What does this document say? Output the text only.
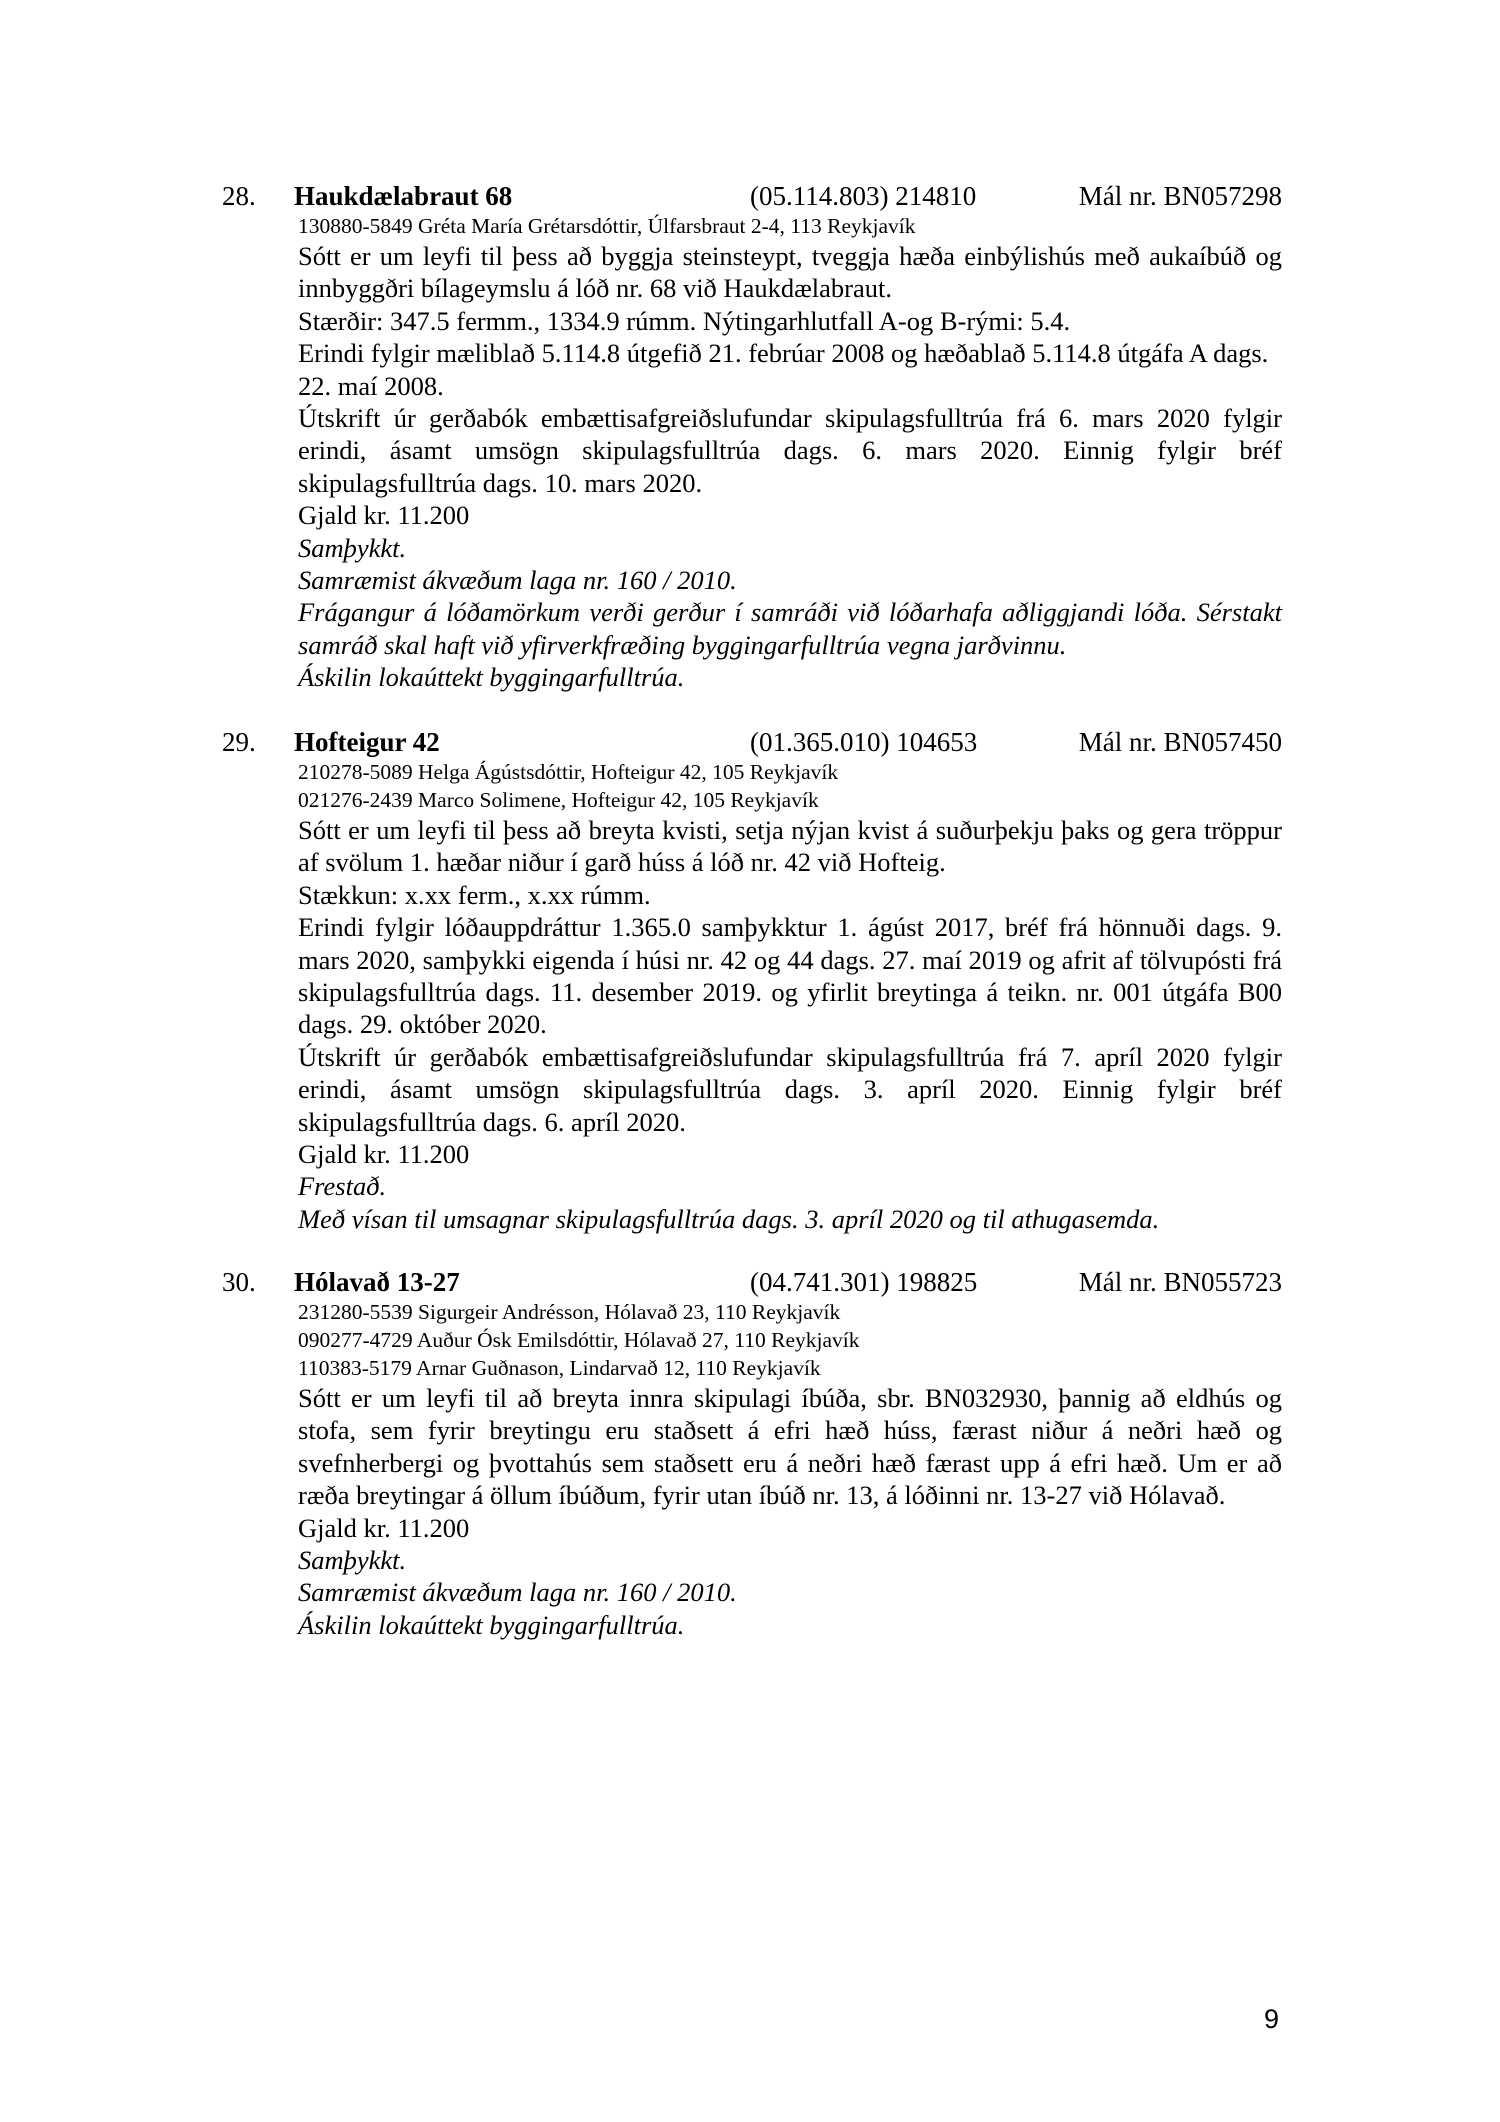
28. Haukdælabraut 68	(05.114.803) 214810	Mál nr. BN057298
130880-5849 Gréta María Grétarsdóttir, Úlfarsbraut 2-4, 113 Reykjavík
Sótt er um leyfi til þess að byggja steinsteypt, tveggja hæða einbýlishús með aukaíbúð og innbyggðri bílageymslu á lóð nr. 68 við Haukdælabraut.
Stærðir: 347.5 fermm., 1334.9 rúmm. Nýtingarhlutfall A-og B-rými: 5.4.
Erindi fylgir mæliblað 5.114.8 útgefið 21. febrúar 2008 og hæðablað 5.114.8 útgáfa A dags. 22. maí 2008.
Útskrift úr gerðabók embættisafgreiðslufundar skipulagsfulltrúa frá 6. mars 2020 fylgir erindi, ásamt umsögn skipulagsfulltrúa dags. 6. mars 2020. Einnig fylgir bréf skipulagsfulltrúa dags. 10. mars 2020.
Gjald kr. 11.200
Samþykkt.
Samræmist ákvæðum laga nr. 160 / 2010.
Frágangur á lóðamörkum verði gerður í samráði við lóðarhafa aðliggjandi lóða. Sérstakt samráð skal haft við yfirverkfræðing byggingarfulltrúa vegna jarðvinnu.
Áskilin lokaúttekt byggingarfulltrúa.
29. Hofteigur 42	(01.365.010) 104653	Mál nr. BN057450
210278-5089 Helga Ágústsdóttir, Hofteigur 42, 105 Reykjavík
021276-2439 Marco Solimene, Hofteigur 42, 105 Reykjavík
Sótt er um leyfi til þess að breyta kvisti, setja nýjan kvist á suðurþekju þaks og gera tröppur af svölum 1. hæðar niður í garð húss á lóð nr. 42 við Hofteig.
Stækkun: x.xx ferm., x.xx rúmm.
Erindi fylgir lóðauppdráttur 1.365.0 samþykktur 1. ágúst 2017, bréf frá hönnuði dags. 9. mars 2020, samþykki eigenda í húsi nr. 42 og 44 dags. 27. maí 2019 og afrit af tölvupósti frá skipulagsfulltrúa dags. 11. desember 2019. og yfirlit breytinga á teikn. nr. 001 útgáfa B00 dags. 29. október 2020.
Útskrift úr gerðabók embættisafgreiðslufundar skipulagsfulltrúa frá 7. apríl 2020 fylgir erindi, ásamt umsögn skipulagsfulltrúa dags. 3. apríl 2020. Einnig fylgir bréf skipulagsfulltrúa dags. 6. apríl 2020.
Gjald kr. 11.200
Frestað.
Með vísan til umsagnar skipulagsfulltrúa dags. 3. apríl 2020 og til athugasemda.
30. Hólavað 13-27	(04.741.301) 198825	Mál nr. BN055723
231280-5539 Sigurgeir Andrésson, Hólavað 23, 110 Reykjavík
090277-4729 Auður Ósk Emilsdóttir, Hólavað 27, 110 Reykjavík
110383-5179 Arnar Guðnason, Lindarvað 12, 110 Reykjavík
Sótt er um leyfi til að breyta innra skipulagi íbúða, sbr. BN032930, þannig að eldhús og stofa, sem fyrir breytingu eru staðsett á efri hæð húss, færast niður á neðri hæð og svefnherbergi og þvottahús sem staðsett eru á neðri hæð færast upp á efri hæð. Um er að ræða breytingar á öllum íbúðum, fyrir utan íbúð nr. 13, á lóðinni nr. 13-27 við Hólavað.
Gjald kr. 11.200
Samþykkt.
Samræmist ákvæðum laga nr. 160 / 2010.
Áskilin lokaúttekt byggingarfulltrúa.
9
